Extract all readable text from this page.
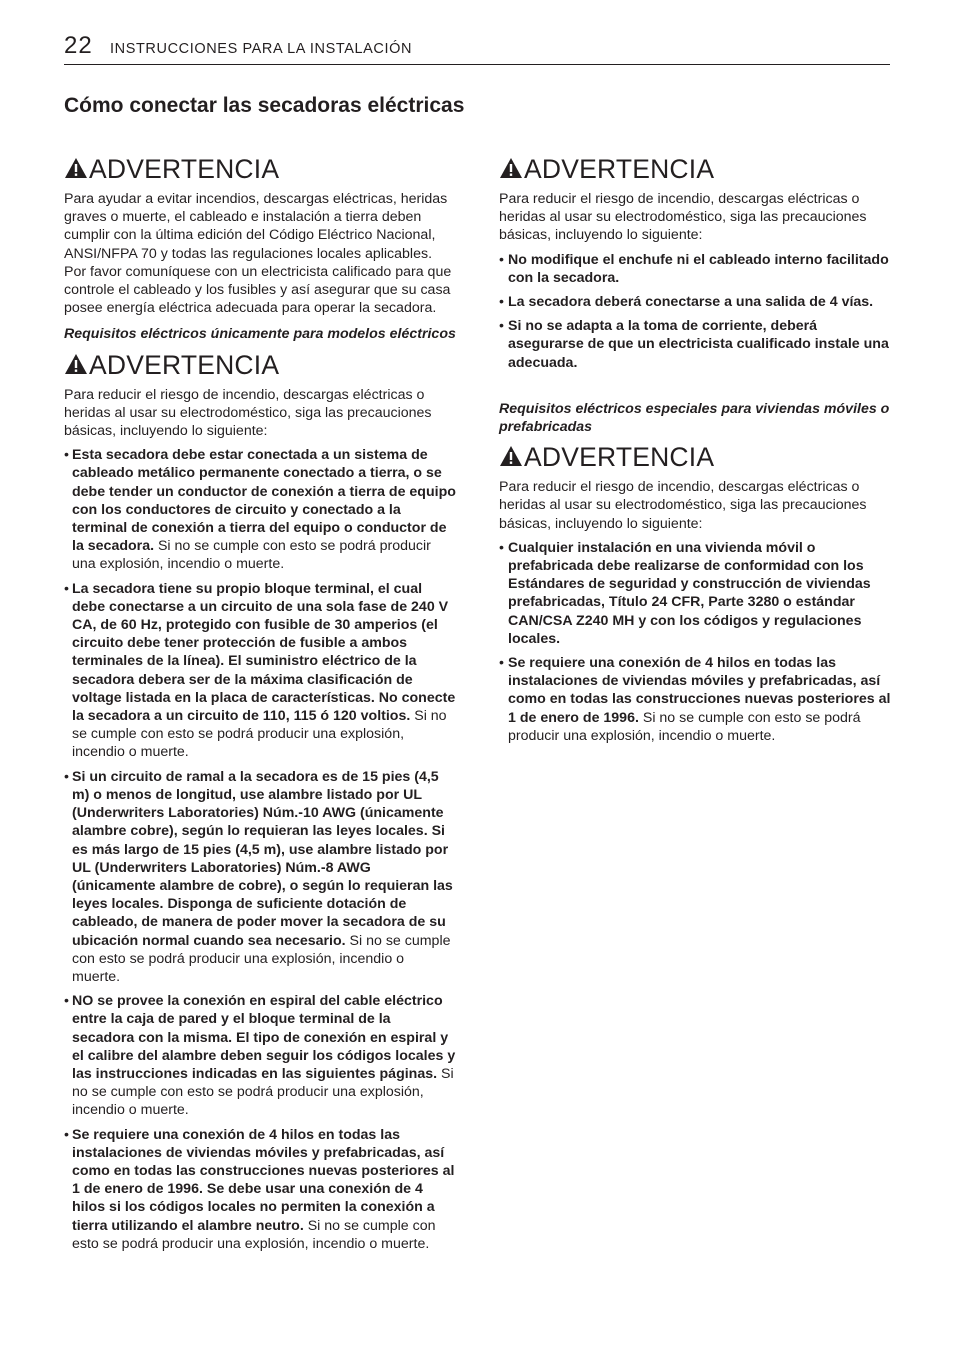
22 INSTRUCCIONES PARA LA INSTALACIÓN
Cómo conectar las secadoras eléctricas
ADVERTENCIA

Para ayudar a evitar incendios, descargas eléctricas, heridas graves o muerte, el cableado e instalación a tierra deben cumplir con la última edición del Código Eléctrico Nacional, ANSI/NFPA 70 y todas las regulaciones locales aplicables. Por favor comuníquese con un electricista calificado para que controle el cableado y los fusibles y así asegurar que su casa posee energía eléctrica adecuada para operar la secadora.

Requisitos eléctricos únicamente para modelos eléctricos

ADVERTENCIA

Para reducir el riesgo de incendio, descargas eléctricas o heridas al usar su electrodoméstico, siga las precauciones básicas, incluyendo lo siguiente:

• Esta secadora debe estar conectada a un sistema de cableado metálico permanente conectado a tierra, o se debe tender un conductor de conexión a tierra de equipo con los conductores de circuito y conectado a la terminal de conexión a tierra del equipo o conductor de la secadora. Si no se cumple con esto se podrá producir una explosión, incendio o muerte.
• La secadora tiene su propio bloque terminal, el cual debe conectarse a un circuito de una sola fase de 240 V CA, de 60 Hz, protegido con fusible de 30 amperios (el circuito debe tener protección de fusible a ambos terminales de la línea). El suministro eléctrico de la secadora debera ser de la máxima clasificación de voltage listada en la placa de características. No conecte la secadora a un circuito de 110, 115 ó 120 voltios. Si no se cumple con esto se podrá producir una explosión, incendio o muerte.
• Si un circuito de ramal a la secadora es de 15 pies (4,5 m) o menos de longitud, use alambre listado por UL (Underwriters Laboratories) Núm.-10 AWG (únicamente alambre cobre), según lo requieran las leyes locales. Si es más largo de 15 pies (4,5 m), use alambre listado por UL (Underwriters Laboratories) Núm.-8 AWG (únicamente alambre de cobre), o según lo requieran las leyes locales. Disponga de suficiente dotación de cableado, de manera de poder mover la secadora de su ubicación normal cuando sea necesario. Si no se cumple con esto se podrá producir una explosión, incendio o muerte.
• NO se provee la conexión en espiral del cable eléctrico entre la caja de pared y el bloque terminal de la secadora con la misma. El tipo de conexión en espiral y el calibre del alambre deben seguir los códigos locales y las instrucciones indicadas en las siguientes páginas. Si no se cumple con esto se podrá producir una explosión, incendio o muerte.
• Se requiere una conexión de 4 hilos en todas las instalaciones de viviendas móviles y prefabricadas, así como en todas las construcciones nuevas posteriores al 1 de enero de 1996. Se debe usar una conexión de 4 hilos si los códigos locales no permiten la conexión a tierra utilizando el alambre neutro. Si no se cumple con esto se podrá producir una explosión, incendio o muerte.
ADVERTENCIA

Para reducir el riesgo de incendio, descargas eléctricas o heridas al usar su electrodoméstico, siga las precauciones básicas, incluyendo lo siguiente:

• No modifique el enchufe ni el cableado interno facilitado con la secadora.
• La secadora deberá conectarse a una salida de 4 vías.
• Si no se adapta a la toma de corriente, deberá asegurarse de que un electricista cualificado instale una adecuada.

Requisitos eléctricos especiales para viviendas móviles o prefabricadas

ADVERTENCIA

Para reducir el riesgo de incendio, descargas eléctricas o heridas al usar su electrodoméstico, siga las precauciones básicas, incluyendo lo siguiente:

• Cualquier instalación en una vivienda móvil o prefabricada debe realizarse de conformidad con los Estándares de seguridad y construcción de viviendas prefabricadas, Título 24 CFR, Parte 3280 o estándar CAN/CSA Z240 MH y con los códigos y regulaciones locales.
• Se requiere una conexión de 4 hilos en todas las instalaciones de viviendas móviles y prefabricadas, así como en todas las construcciones nuevas posteriores al 1 de enero de 1996. Si no se cumple con esto se podrá producir una explosión, incendio o muerte.
